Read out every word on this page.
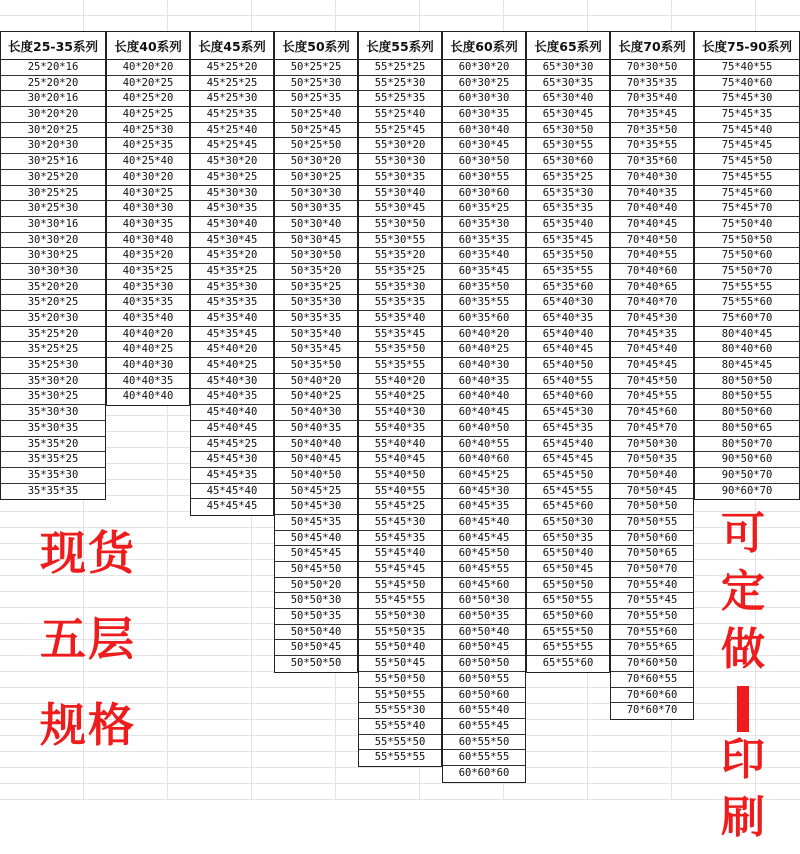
长度25-35系列
25*20*16
25*20*20
30*20*16
30*20*20
30*20*25
30*20*30
30*25*16
30*25*20
30*25*25
30*25*30
30*30*16
30*30*20
30*30*25
30*30*30
35*20*20
35*20*25
35*20*30
35*25*20
35*25*25
35*25*30
35*30*20
35*30*25
35*30*30
35*30*35
35*35*20
35*35*25
35*35*30
35*35*35
长度40系列
40*20*20
40*20*25
40*25*20
40*25*25
40*25*30
40*25*35
40*25*40
40*30*20
40*30*25
40*30*30
40*30*35
40*30*40
40*35*20
40*35*25
40*35*30
40*35*35
40*35*40
40*40*20
40*40*25
40*40*30
40*40*35
40*40*40
长度45系列
45*25*20
45*25*25
45*25*30
45*25*35
45*25*40
45*25*45
45*30*20
45*30*25
45*30*30
45*30*35
45*30*40
45*30*45
45*35*20
45*35*25
45*35*30
45*35*35
45*35*40
45*35*45
45*40*20
45*40*25
45*40*30
45*40*35
45*40*40
45*40*45
45*45*25
45*45*30
45*45*35
45*45*40
45*45*45
长度50系列
50*25*25
50*25*30
50*25*35
50*25*40
50*25*45
50*25*50
50*30*20
50*30*25
50*30*30
50*30*35
50*30*40
50*30*45
50*30*50
50*35*20
50*35*25
50*35*30
50*35*35
50*35*40
50*35*45
50*35*50
50*40*20
50*40*25
50*40*30
50*40*35
50*40*40
50*40*45
50*40*50
50*45*25
50*45*30
50*45*35
50*45*40
50*45*45
50*45*50
50*50*20
50*50*30
50*50*35
50*50*40
50*50*45
50*50*50
长度55系列
55*25*25
55*25*30
55*25*35
55*25*40
55*25*45
55*30*20
55*30*30
55*30*35
55*30*40
55*30*45
55*30*50
55*30*55
55*35*20
55*35*25
55*35*30
55*35*35
55*35*40
55*35*45
55*35*50
55*35*55
55*40*20
55*40*25
55*40*30
55*40*35
55*40*40
55*40*45
55*40*50
55*40*55
55*45*25
55*45*30
55*45*35
55*45*40
55*45*45
55*45*50
55*45*55
55*50*30
55*50*35
55*50*40
55*50*45
55*50*50
55*50*55
55*55*30
55*55*40
55*55*50
55*55*55
长度60系列
60*30*20
60*30*25
60*30*30
60*30*35
60*30*40
60*30*45
60*30*50
60*30*55
60*30*60
60*35*25
60*35*30
60*35*35
60*35*40
60*35*45
60*35*50
60*35*55
60*35*60
60*40*20
60*40*25
60*40*30
60*40*35
60*40*40
60*40*45
60*40*50
60*40*55
60*40*60
60*45*25
60*45*30
60*45*35
60*45*40
60*45*45
60*45*50
60*45*55
60*45*60
60*50*30
60*50*35
60*50*40
60*50*45
60*50*50
60*50*55
60*50*60
60*55*40
60*55*45
60*55*50
60*55*55
60*60*60
长度65系列
65*30*30
65*30*35
65*30*40
65*30*45
65*30*50
65*30*55
65*30*60
65*35*25
65*35*30
65*35*35
65*35*40
65*35*45
65*35*50
65*35*55
65*35*60
65*40*30
65*40*35
65*40*40
65*40*45
65*40*50
65*40*55
65*40*60
65*45*30
65*45*35
65*45*40
65*45*45
65*45*50
65*45*55
65*45*60
65*50*30
65*50*35
65*50*40
65*50*45
65*50*50
65*50*55
65*50*60
65*55*50
65*55*55
65*55*60
长度70系列
70*30*50
70*35*35
70*35*40
70*35*45
70*35*50
70*35*55
70*35*60
70*40*30
70*40*35
70*40*40
70*40*45
70*40*50
70*40*55
70*40*60
70*40*65
70*40*70
70*45*30
70*45*35
70*45*40
70*45*45
70*45*50
70*45*55
70*45*60
70*45*70
70*50*30
70*50*35
70*50*40
70*50*45
70*50*50
70*50*55
70*50*60
70*50*65
70*50*70
70*55*40
70*55*45
70*55*50
70*55*60
70*55*65
70*60*50
70*60*55
70*60*60
70*60*70
长度75-90系列
75*40*55
75*40*60
75*45*30
75*45*35
75*45*40
75*45*45
75*45*50
75*45*55
75*45*60
75*45*70
75*50*40
75*50*50
75*50*60
75*50*70
75*55*55
75*55*60
75*60*70
80*40*45
80*40*60
80*45*45
80*50*50
80*50*55
80*50*60
80*50*65
80*50*70
90*50*60
90*50*70
90*60*70
现货
五层
规格
可
定
做
印
刷
